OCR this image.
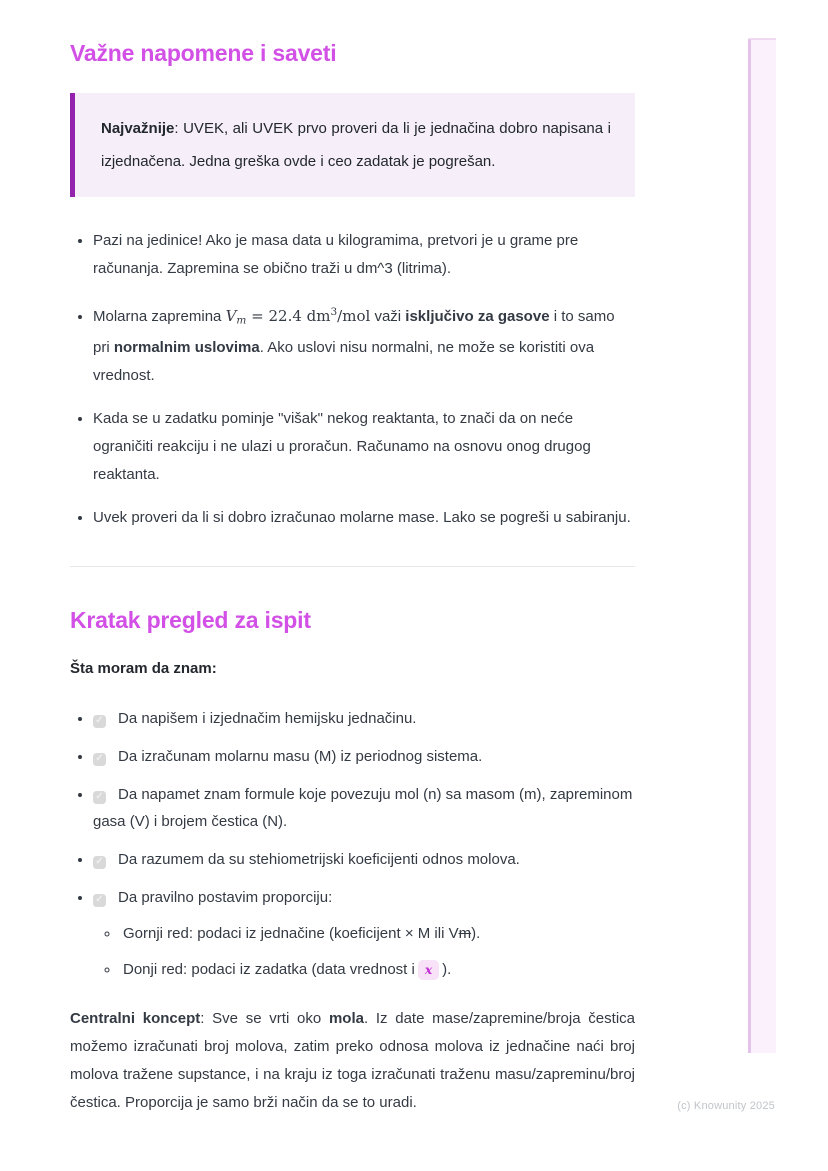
Važne napomene i saveti

Najvažnije: UVEK, ali UVEK prvo proveri da li je jednačina dobro napisana i izjednačena. Jedna greška ovde i ceo zadatak je pogrešan.

• Pazi na jedinice! Ako je masa data u kilogramima, pretvori je u grame pre računanja. Zapremina se obično traži u dm^3 (litrima).
• Molarna zapremina Vm = 22.4 $dm^3$/mol važi isključivo za gasove i to samo pri normalnim uslovima. Ako uslovi nisu normalni, ne može se koristiti ova vrednost.
• Kada se u zadatku pominje "višak" nekog reaktanta, to znači da on neće ograničiti reakciju i ne ulazi u proračun. Računamo na osnovu onog drugog reaktanta.
• Uvek proveri da li si dobro izračunao molarne mase. Lako se pogreši u sabiranju.
Kratak pregled za ispit

Šta moram da znam:

• ✓ Da napišem i izjednačim hemijsku jednačinu.
• ✓ Da izračunam molarnu masu (M) iz periodnog sistema.
• ✓ Da napamet znam formule koje povezuju mol (n) sa masom (m), zapreminom gasa (V) i brojem čestica (N).
• ✓ Da razumem da su stehiometrijski koeficijenti odnos molova.
• ✓ Da pravilno postavim proporciju:
◦ Gornji red: podaci iz jednačine (koeficijent × M ili Vm).
◦ Donji red: podaci iz zadatka (data vrednost i x ).

Centralni koncept: Sve se vrti oko mola. Iz date mase/zapremine/broja čestica možemo izračunati broj molova, zatim preko odnosa molova iz jednačine naći broj molova tražene supstance, i na kraju iz toga izračunati traženu masu/zapreminu/broj čestica. Proporcija je samo brži način da se to uradi.	(c) Knowunity 2025
